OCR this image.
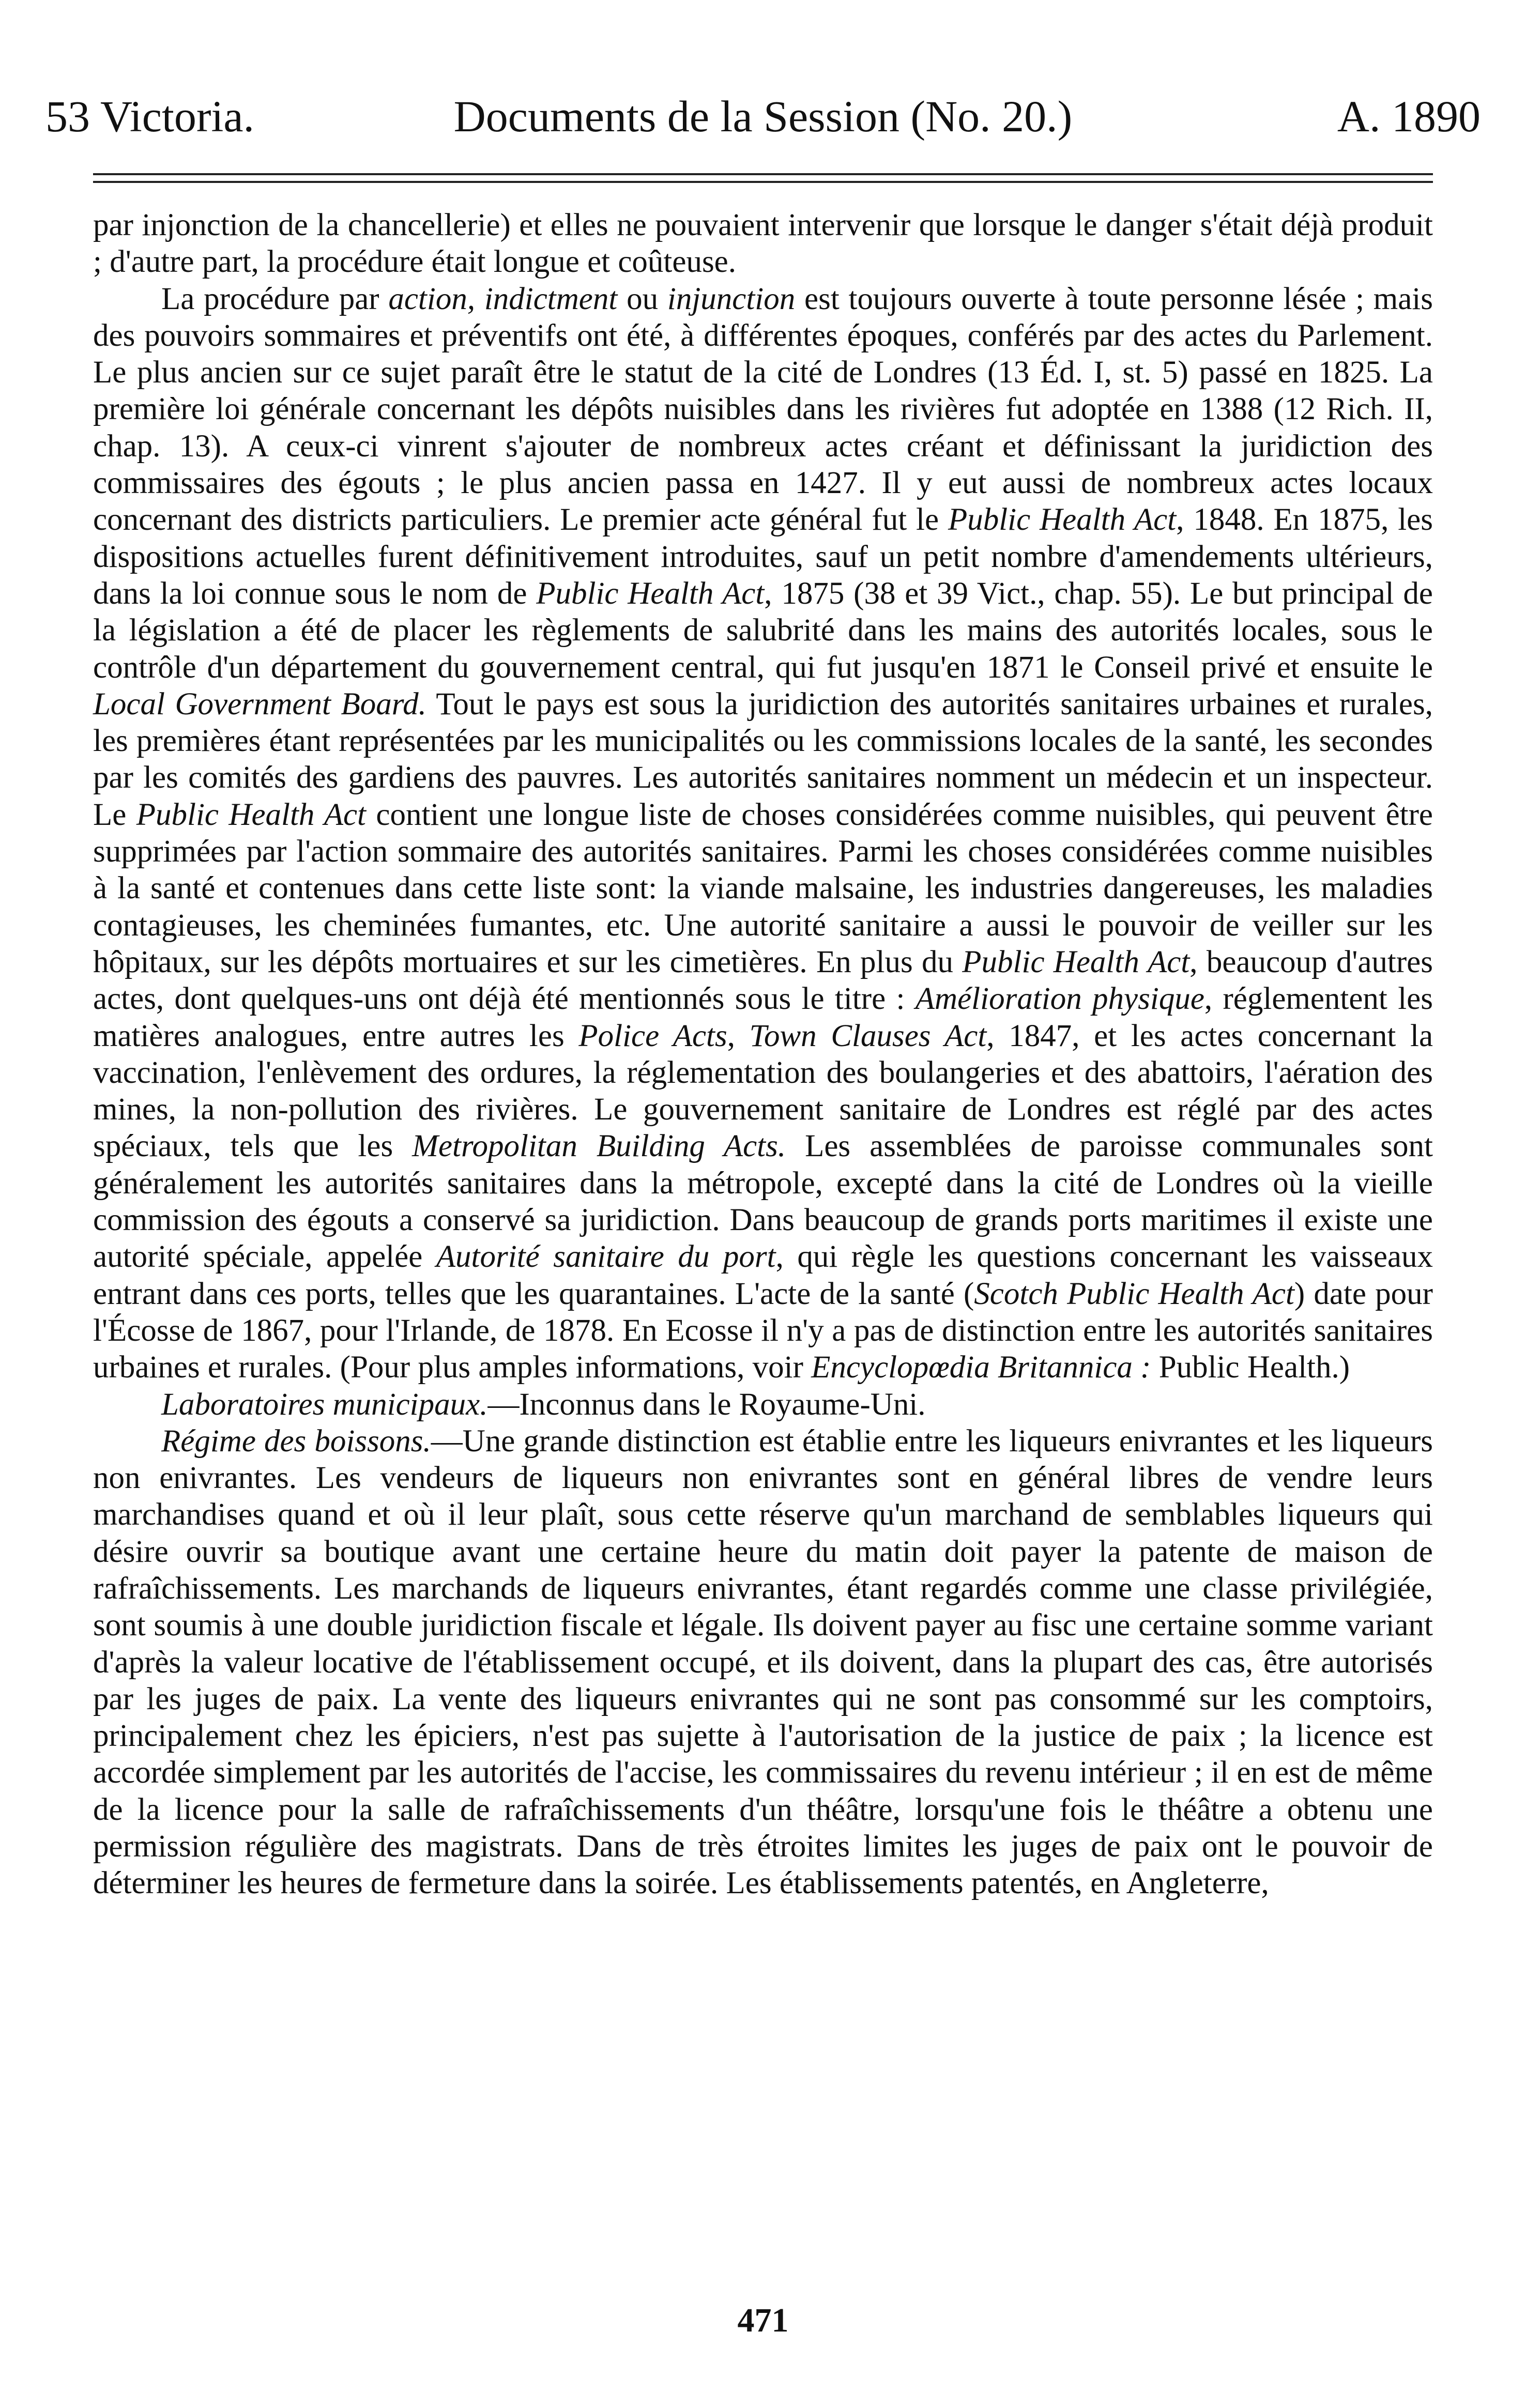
Documents de la Session (No. 20.)
53 Victoria.	A. 1890

par injonction de la chancellerie) et elles ne pouvaient intervenir que lorsque le danger s'était déjà produit ; d'autre part, la procédure était longue et coûteuse.

La procédure par action, indictment ou injunction est toujours ouverte à toute personne lésée ; mais des pouvoirs sommaires et préventifs ont été, à différentes époques, conférés par des actes du Parlement. Le plus ancien sur ce sujet paraît être le statut de la cité de Londres (13 Éd. I, st. 5) passé en 1825. La première loi générale concernant les dépôts nuisibles dans les rivières fut adoptée en 1388 (12 Rich. II, chap. 13). A ceux-ci vinrent s'ajouter de nombreux actes créant et définissant la juridiction des commissaires des égouts ; le plus ancien passa en 1427. Il y eut aussi de nombreux actes locaux concernant des districts particuliers. Le premier acte général fut le Public Health Act, 1848. En 1875, les dispositions actuelles furent définitivement introduites, sauf un petit nombre d'amendements ultérieurs, dans la loi connue sous le nom de Public Health Act, 1875 (38 et 39 Vict., chap. 55). Le but principal de la législation a été de placer les règlements de salubrité dans les mains des autorités locales, sous le contrôle d'un département du gouvernement central, qui fut jusqu'en 1871 le Conseil privé et ensuite le Local Government Board. Tout le pays est sous la juridiction des autorités sanitaires urbaines et rurales, les premières étant représentées par les municipalités ou les commissions locales de la santé, les secondes par les comités des gardiens des pauvres. Les autorités sanitaires nomment un médecin et un inspecteur. Le Public Health Act contient une longue liste de choses considérées comme nuisibles, qui peuvent être supprimées par l'action sommaire des autorités sanitaires. Parmi les choses considérées comme nuisibles à la santé et contenues dans cette liste sont: la viande malsaine, les industries dangereuses, les maladies contagieuses, les cheminées fumantes, etc. Une autorité sanitaire a aussi le pouvoir de veiller sur les hôpitaux, sur les dépôts mortuaires et sur les cimetières. En plus du Public Health Act, beaucoup d'autres actes, dont quelques-uns ont déjà été mentionnés sous le titre : Amélioration physique, réglementent les matières analogues, entre autres les Police Acts, Town Clauses Act, 1847, et les actes concernant la vaccination, l'enlèvement des ordures, la réglementation des boulangeries et des abattoirs, l'aération des mines, la non-pollution des rivières. Le gouvernement sanitaire de Londres est réglé par des actes spéciaux, tels que les Metropolitan Building Acts. Les assemblées de paroisse communales sont généralement les autorités sanitaires dans la métropole, excepté dans la cité de Londres où la vieille commission des égouts a conservé sa juridiction. Dans beaucoup de grands ports maritimes il existe une autorité spéciale, appelée Autorité sanitaire du port, qui règle les questions concernant les vaisseaux entrant dans ces ports, telles que les quarantaines. L'acte de la santé (Scotch Public Health Act) date pour l'Écosse de 1867, pour l'Irlande, de 1878. En Ecosse il n'y a pas de distinction entre les autorités sanitaires urbaines et rurales. (Pour plus amples informations, voir Encyclopœdia Britannica : Public Health.)

Laboratoires municipaux.—Inconnus dans le Royaume-Uni.

Régime des boissons.—Une grande distinction est établie entre les liqueurs enivrantes et les liqueurs non enivrantes. Les vendeurs de liqueurs non enivrantes sont en général libres de vendre leurs marchandises quand et où il leur plaît, sous cette réserve qu'un marchand de semblables liqueurs qui désire ouvrir sa boutique avant une certaine heure du matin doit payer la patente de maison de rafraîchissements. Les marchands de liqueurs enivrantes, étant regardés comme une classe privilégiée, sont soumis à une double juridiction fiscale et légale. Ils doivent payer au fisc une certaine somme variant d'après la valeur locative de l'établissement occupé, et ils doivent, dans la plupart des cas, être autorisés par les juges de paix. La vente des liqueurs enivrantes qui ne sont pas consommé sur les comptoirs, principalement chez les épiciers, n'est pas sujette à l'autorisation de la justice de paix ; la licence est accordée simplement par les autorités de l'accise, les commissaires du revenu intérieur ; il en est de même de la licence pour la salle de rafraîchissements d'un théâtre, lorsqu'une fois le théâtre a obtenu une permission régulière des magistrats. Dans de très étroites limites les juges de paix ont le pouvoir de déterminer les heures de fermeture dans la soirée. Les établissements patentés, en Angleterre,

471
